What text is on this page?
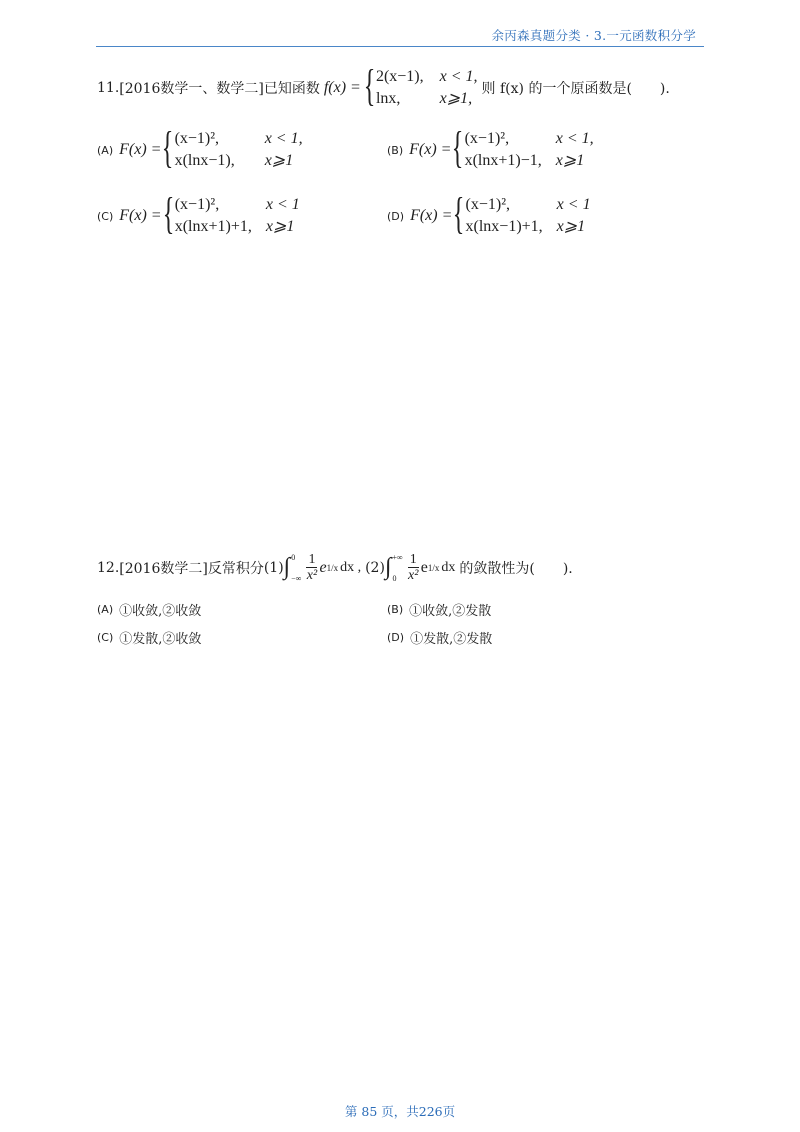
余丙森真题分类 · 3.一元函数积分学
11. [2016数学一、数学二] 已知函数 f(x) = { 2(x−1), x < 1,
lnx,	x⩾1,
则 f(x) 的一个原函数是(　　).
(A) F(x) = { (x−1)²,	x < 1,
x(lnx−1), x⩾1
(B) F(x) = { (x−1)²,	x < 1,
x(lnx+1)−1, x⩾1
(C) F(x) = { (x−1)²,	x < 1
x(lnx+1)+1, x⩾1
(D) F(x) = { (x−1)²,	x < 1
x(lnx−1)+1, x⩾1
12. [2016数学二] 反常积分 (1) ∫ 0
−∞ $\frac{1}{\text{x²}}$ e 1/x dx , (2) ∫ +∞
$0 \frac{1}{\text{x²}}$ e 1/x dx 的敛散性为(　　).
(A) ①收敛,②收敛	(B) ①收敛,②发散
(C) ①发散,②收敛	(D) ①发散,②发散
第 85 页，共226页
